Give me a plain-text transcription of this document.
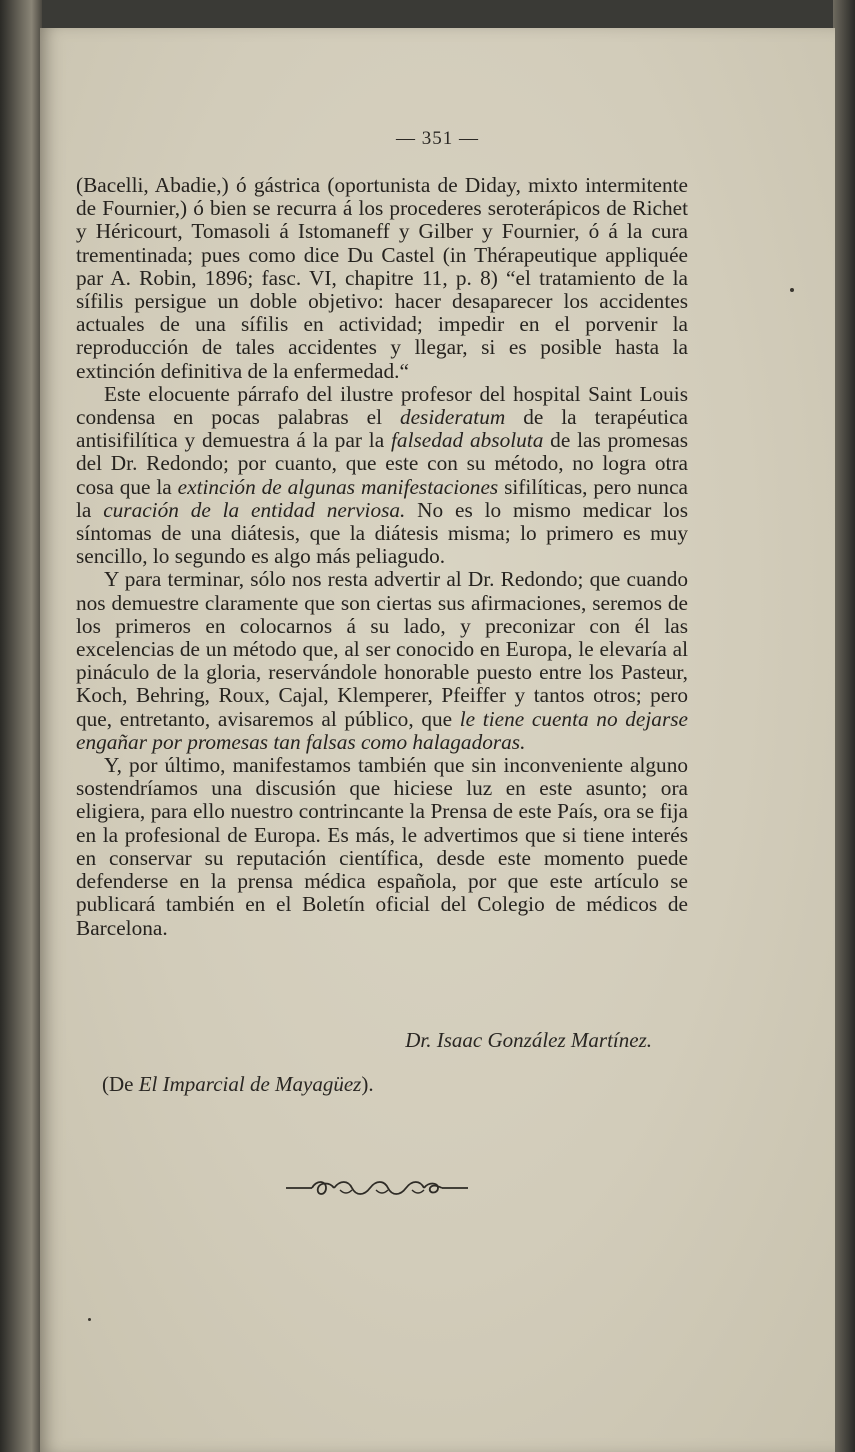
— 351 —

(Bacelli, Abadie,) ó gástrica (oportunista de Diday, mixto intermitente de Fournier,) ó bien se recurra á los procederes seroterápicos de Richet y Héricourt, Tomasoli á Istomaneff y Gilber y Fournier, ó á la cura trementinada; pues como dice Du Castel (in Thérapeutique appliquée par A. Robin, 1896; fasc. VI, chapitre 11, p. 8) “el tratamiento de la sífilis persigue un doble objetivo: hacer desaparecer los accidentes actuales de una sífilis en actividad; impedir en el porvenir la reproducción de tales accidentes y llegar, si es posible hasta la extinción definitiva de la enfermedad.“

Este elocuente párrafo del ilustre profesor del hospital Saint Louis condensa en pocas palabras el desideratum de la terapéutica antisifilítica y demuestra á la par la falsedad absoluta de las promesas del Dr. Redondo; por cuanto, que este con su método, no logra otra cosa que la extinción de algunas manifestaciones sifilíticas, pero nunca la curación de la entidad nerviosa. No es lo mismo medicar los síntomas de una diátesis, que la diátesis misma; lo primero es muy sencillo, lo segundo es algo más peliagudo.

Y para terminar, sólo nos resta advertir al Dr. Redondo; que cuando nos demuestre claramente que son ciertas sus afirmaciones, seremos de los primeros en colocarnos á su lado, y preconizar con él las excelencias de un método que, al ser conocido en Europa, le elevaría al pináculo de la gloria, reservándole honorable puesto entre los Pasteur, Koch, Behring, Roux, Cajal, Klemperer, Pfeiffer y tantos otros; pero que, entretanto, avisaremos al público, que le tiene cuenta no dejarse engañar por promesas tan falsas como halagadoras.

Y, por último, manifestamos también que sin inconveniente alguno sostendríamos una discusión que hiciese luz en este asunto; ora eligiera, para ello nuestro contrincante la Prensa de este País, ora se fija en la profesional de Europa. Es más, le advertimos que si tiene interés en conservar su reputación científica, desde este momento puede defenderse en la prensa médica española, por que este artículo se publicará también en el Boletín oficial del Colegio de médicos de Barcelona.

Dr. Isaac González Martínez.
(De El Imparcial de Mayagüez).
